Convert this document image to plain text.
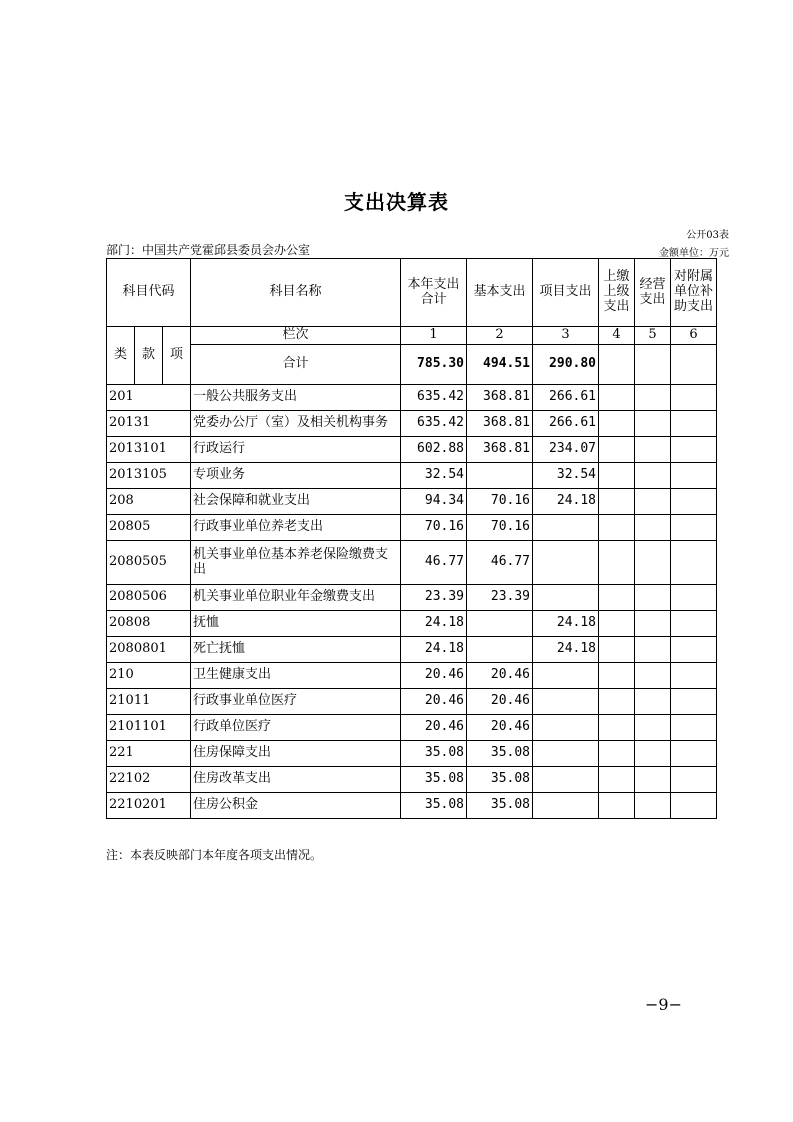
支出决算表
公开03表
部门：中国共产党霍邱县委员会办公室	金额单位：万元
科目代码			科目名称	本年支出合计	基本支出	项目支出	上缴上级支出	经营支出	对附属单位补助支出
类	款	项	栏次	1	2	3	4	5	6
			合计	785.30	494.51	290.80			
201			一般公共服务支出	635.42	368.81	266.61			
20131			党委办公厅（室）及相关机构事务	635.42	368.81	266.61			
2013101			行政运行	602.88	368.81	234.07			
2013105			专项业务	32.54		32.54			
208			社会保障和就业支出	94.34	70.16	24.18			
20805			行政事业单位养老支出	70.16	70.16				
2080505			机关事业单位基本养老保险缴费支出	46.77	46.77				
2080506			机关事业单位职业年金缴费支出	23.39	23.39				
20808			抚恤	24.18		24.18			
2080801			死亡抚恤	24.18		24.18			
210			卫生健康支出	20.46	20.46				
21011			行政事业单位医疗	20.46	20.46				
2101101			行政单位医疗	20.46	20.46				
221			住房保障支出	35.08	35.08				
22102			住房改革支出	35.08	35.08				
2210201			住房公积金	35.08	35.08				
注：本表反映部门本年度各项支出情况。
−9−
